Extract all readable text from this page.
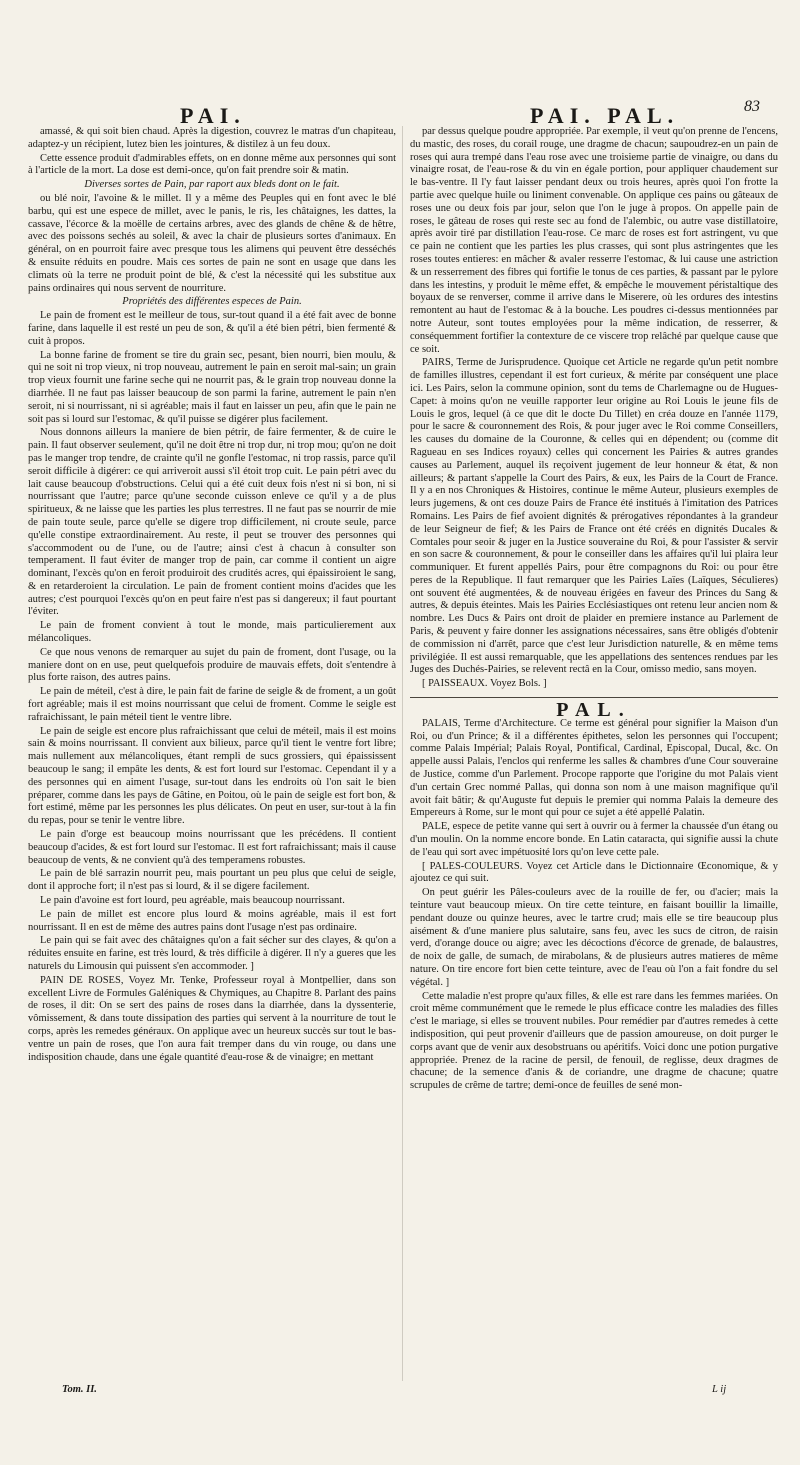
PAI.	PAI. PAL.	83

amassé, & qui soit bien chaud. Après la digestion, couvrez le matras d'un chapiteau, adaptez-y un récipient, lutez bien les jointures, & distilez à un feu doux.

Cette essence produit d'admirables effets, on en donne même aux personnes qui sont à l'article de la mort. La dose est demi-once, qu'on fait prendre soir & matin.

Diverses sortes de Pain, par raport aux bleds dont on le fait.

ou blé noir, l'avoine & le millet. Il y a même des Peuples qui en font avec le blé barbu, qui est une espece de millet, avec le panis, le ris, les châtaignes, les dattes, la cassave, l'écorce & la moëlle de certains arbres, avec des glands de chêne & de hêtre, avec des poissons sechés au soleil, & avec la chair de plusieurs sortes d'animaux. En général, on en pourroit faire avec presque tous les alimens qui peuvent être desséchés & ensuite réduits en poudre. Mais ces sortes de pain ne sont en usage que dans les climats où la terre ne produit point de blé, & c'est la nécessité qui les substitue aux pains ordinaires qui nous servent de nourriture.

Propriétés des différentes especes de Pain.

Le pain de froment est le meilleur de tous, sur-tout quand il a été fait avec de bonne farine, dans laquelle il est resté un peu de son, & qu'il a été bien pétri, bien fermenté & cuit à propos.

La bonne farine de froment se tire du grain sec, pesant, bien nourri, bien moulu, & qui ne soit ni trop vieux, ni trop nouveau, autrement le pain en seroit mal-sain; un grain trop vieux fournit une farine seche qui ne nourrit pas, & le grain trop nouveau donne la diarrhée. Il ne faut pas laisser beaucoup de son parmi la farine, autrement le pain n'en seroit, ni si nourrissant, ni si agréable; mais il faut en laisser un peu, afin que le pain ne soit pas si lourd sur l'estomac, & qu'il puisse se digérer plus facilement.

Nous donnons ailleurs la maniere de bien pétrir, de faire fermenter, & de cuire le pain. Il faut observer seulement, qu'il ne doit être ni trop dur, ni trop mou; qu'on ne doit pas le manger trop tendre, de crainte qu'il ne gonfle l'estomac, ni trop rassis, parce qu'il seroit difficile à digérer: ce qui arriveroit aussi s'il étoit trop cuit. Le pain pétri avec du lait cause beaucoup d'obstructions. Celui qui a été cuit deux fois n'est ni si bon, ni si nourrissant que l'autre; parce qu'une seconde cuisson enleve ce qu'il y a de plus spiritueux, & ne laisse que les parties les plus terrestres. Il ne faut pas se nourrir de mie de pain toute seule, parce qu'elle se digere trop difficilement, ni croute seule, parce qu'elle constipe extraordinairement. Au reste, il peut se trouver des personnes qui s'accommodent ou de l'une, ou de l'autre; ainsi c'est à chacun à consulter son temperament. Il faut éviter de manger trop de pain, car comme il contient un aigre dominant, l'excès qu'on en feroit produiroit des crudités acres, qui épaissiroient le sang, & en retarderoient la circulation. Le pain de froment contient moins d'acides que les autres; c'est pourquoi l'excès qu'on en peut faire n'est pas si dangereux; il faut pourtant l'éviter.

Le pain de froment convient à tout le monde, mais particulierement aux mélancoliques.

Ce que nous venons de remarquer au sujet du pain de froment, dont l'usage, ou la maniere dont on en use, peut quelquefois produire de mauvais effets, doit s'entendre à plus forte raison, des autres pains.

Le pain de méteil, c'est à dire, le pain fait de farine de seigle & de froment, a un goût fort agréable; mais il est moins nourrissant que celui de froment. Comme le seigle est rafraichissant, le pain méteil tient le ventre libre.

Le pain de seigle est encore plus rafraichissant que celui de méteil, mais il est moins sain & moins nourrissant. Il convient aux bilieux, parce qu'il tient le ventre fort libre; mais nullement aux mélancoliques, étant rempli de sucs grossiers, qui épaississent beaucoup le sang; il empâte les dents, & est fort lourd sur l'estomac. Cependant il y a des personnes qui en aiment l'usage, sur-tout dans les endroits où l'on sait le bien préparer, comme dans les pays de Gâtine, en Poitou, où le pain de seigle est fort bon, & fort estimé, même par les personnes les plus délicates. On peut en user, sur-tout à la fin du repas, pour se tenir le ventre libre.

Le pain d'orge est beaucoup moins nourrissant que les précédens. Il contient beaucoup d'acides, & est fort lourd sur l'estomac. Il est fort rafraichissant; mais il cause beaucoup de vents, & ne convient qu'à des temperamens robustes.

Le pain de blé sarrazin nourrit peu, mais pourtant un peu plus que celui de seigle, dont il approche fort; il n'est pas si lourd, & il se digere facilement.

Le pain d'avoine est fort lourd, peu agréable, mais beaucoup nourrissant.

Le pain de millet est encore plus lourd & moins agréable, mais il est fort nourrissant. Il en est de même des autres pains dont l'usage n'est pas ordinaire.

Le pain qui se fait avec des châtaignes qu'on a fait sécher sur des clayes, & qu'on a réduites ensuite en farine, est très lourd, & très difficile à digérer. Il n'y a gueres que les naturels du Limousin qui puissent s'en accommoder. ]

PAIN DE ROSES, Voyez Mr. Tenke, Professeur royal à Montpellier, dans son excellent Livre de Formules Galéniques & Chymiques, au Chapitre 8. Parlant des pains de roses, il dit: On se sert des pains de roses dans la diarrhée, dans la dyssenterie, vômissement, & dans toute dissipation des parties qui servent à la nourriture de tout le corps, après les remedes généraux. On applique avec un heureux succès sur tout le bas-ventre un pain de roses, que l'on aura fait tremper dans du vin rouge, ou dans une indisposition chaude, dans une égale quantité d'eau-rose & de vinaigre; en mettant

par dessus quelque poudre appropriée. Par exemple, il veut qu'on prenne de l'encens, du mastic, des roses, du corail rouge, une dragme de chacun; saupoudrez-en un pain de roses qui aura trempé dans l'eau rose avec une troisieme partie de vinaigre, ou dans du vinaigre rosat, de l'eau-rose & du vin en égale portion, pour appliquer chaudement sur le bas-ventre. Il l'y faut laisser pendant deux ou trois heures, après quoi l'on frotte la partie avec quelque huile ou liniment convenable. On applique ces pains ou gâteaux de roses une ou deux fois par jour, selon que l'on le juge à propos. On appelle pain de roses, le gâteau de roses qui reste sec au fond de l'alembic, ou autre vase distillatoire, après avoir tiré par distillation l'eau-rose. Ce marc de roses est fort astringent, vu que ce pain ne contient que les parties les plus crasses, qui sont plus astringentes que les roses toutes entieres: en mâcher & avaler resserre l'estomac, & lui cause une astriction & un resserrement des fibres qui fortifie le tonus de ces parties, & passant par le pylore dans les intestins, y produit le même effet, & empêche le mouvement péristaltique des boyaux de se renverser, comme il arrive dans le Miserere, où les ordures des intestins remontent au haut de l'estomac & à la bouche. Les poudres ci-dessus mentionnées par notre Auteur, sont toutes employées pour la même indication, de resserrer, & conséquemment fortifier la contexture de ce viscere trop relâché par quelque cause que ce soit.

PAIRS, Terme de Jurisprudence. Quoique cet Article ne regarde qu'un petit nombre de familles illustres, cependant il est fort curieux, & mérite par conséquent une place ici. Les Pairs, selon la commune opinion, sont du tems de Charlemagne ou de Hugues-Capet: à moins qu'on ne veuille rapporter leur origine au Roi Louis le jeune fils de Louis le gros, lequel (à ce que dit le docte Du Tillet) en créa douze en l'année 1179, pour le sacre & couronnement des Rois, & pour juger avec le Roi comme Conseillers, les causes du domaine de la Couronne, & celles qui en dépendent; ou (comme dit Ragueau en ses Indices royaux) celles qui concernent les Pairies & autres grandes causes au Parlement, auquel ils reçoivent jugement de leur honneur & état, & non ailleurs; & partant s'appelle la Court des Pairs, & eux, les Pairs de la Court de France. Il y a en nos Chroniques & Histoires, continue le même Auteur, plusieurs exemples de leurs jugemens, & ont ces douze Pairs de France été institués à l'imitation des Patrices Romains. Les Pairs de fief avoient dignités & prérogatives répondantes à la grandeur de leur Seigneur de fief; & les Pairs de France ont été créés en dignités Ducales & Comtales pour seoir & juger en la Justice souveraine du Roi, & pour l'assister & servir en son sacre & couronnement, & pour le conseiller dans les affaires qu'il lui plaira leur communiquer. Et furent appellés Pairs, pour être compagnons du Roi: ou pour être peres de la Republique. Il faut remarquer que les Pairies Laïes (Laïques, Séculieres) ont souvent été augmentées, & de nouveau érigées en faveur des Princes du Sang & autres, & depuis éteintes. Mais les Pairies Ecclésiastiques ont retenu leur ancien nom & nombre. Les Ducs & Pairs ont droit de plaider en premiere instance au Parlement de Paris, & peuvent y faire donner les assignations nécessaires, sans être obligés d'obtenir de commission ni d'arrêt, parce que c'est leur Jurisdiction naturelle, & en même tems privilégiée. Il est aussi remarquable, que les appellations des sentences rendues par les Juges des Duchés-Pairies, se relevent rectâ en la Cour, omisso medio, sans moyen.

[ PAISSEAUX. Voyez Bols. ]

PAL.

PALAIS, Terme d'Architecture. Ce terme est général pour signifier la Maison d'un Roi, ou d'un Prince; & il a différentes épithetes, selon les personnes qui l'occupent; comme Palais Impérial; Palais Royal, Pontifical, Cardinal, Episcopal, Ducal, &c. On appelle aussi Palais, l'enclos qui renferme les salles & chambres d'une Cour souveraine de Justice, comme d'un Parlement. Procope rapporte que l'origine du mot Palais vient d'un certain Grec nommé Pallas, qui donna son nom à une maison magnifique qu'il avoit fait bâtir; & qu'Auguste fut depuis le premier qui nomma Palais la demeure des Empereurs à Rome, sur le mont qui pour ce sujet a été appellé Palatin.

PALE, espece de petite vanne qui sert à ouvrir ou à fermer la chaussée d'un étang ou d'un moulin. On la nomme encore bonde. En Latin cataracta, qui signifie aussi la chute de l'eau qui sort avec impétuosité lors qu'on leve cette pale.

[ PALES-COULEURS. Voyez cet Article dans le Dictionnaire Œconomique, & y ajoutez ce qui suit.

On peut guérir les Pâles-couleurs avec de la rouille de fer, ou d'acier; mais la teinture vaut beaucoup mieux. On tire cette teinture, en faisant bouillir la limaille, pendant douze ou quinze heures, avec le tartre crud; mais elle se tire beaucoup plus aisément & d'une maniere plus salutaire, sans feu, avec les sucs de citron, de raisin verd, d'orange douce ou aigre; avec les décoctions d'écorce de grenade, de balaustres, de noix de galle, de sumach, de mirabolans, & de plusieurs autres matieres de même nature. On tire encore fort bien cette teinture, avec de l'eau où l'on a fait fondre du sel végétal. ]

Cette maladie n'est propre qu'aux filles, & elle est rare dans les femmes mariées. On croit même communément que le remede le plus efficace contre les maladies des filles c'est le mariage, si elles se trouvent nubiles. Pour remédier par d'autres remedes à cette indisposition, qui peut provenir d'ailleurs que de passion amoureuse, on doit purger le corps avant que de venir aux desobstruans ou apéritifs. Voici donc une potion purgative appropriée. Prenez de la racine de persil, de fenouil, de reglisse, deux dragmes de chacune; de la semence d'anis & de coriandre, une dragme de chacune; quatre scrupules de crême de tartre; demi-once de feuilles de sené mon-

Tom. II.	L ij
